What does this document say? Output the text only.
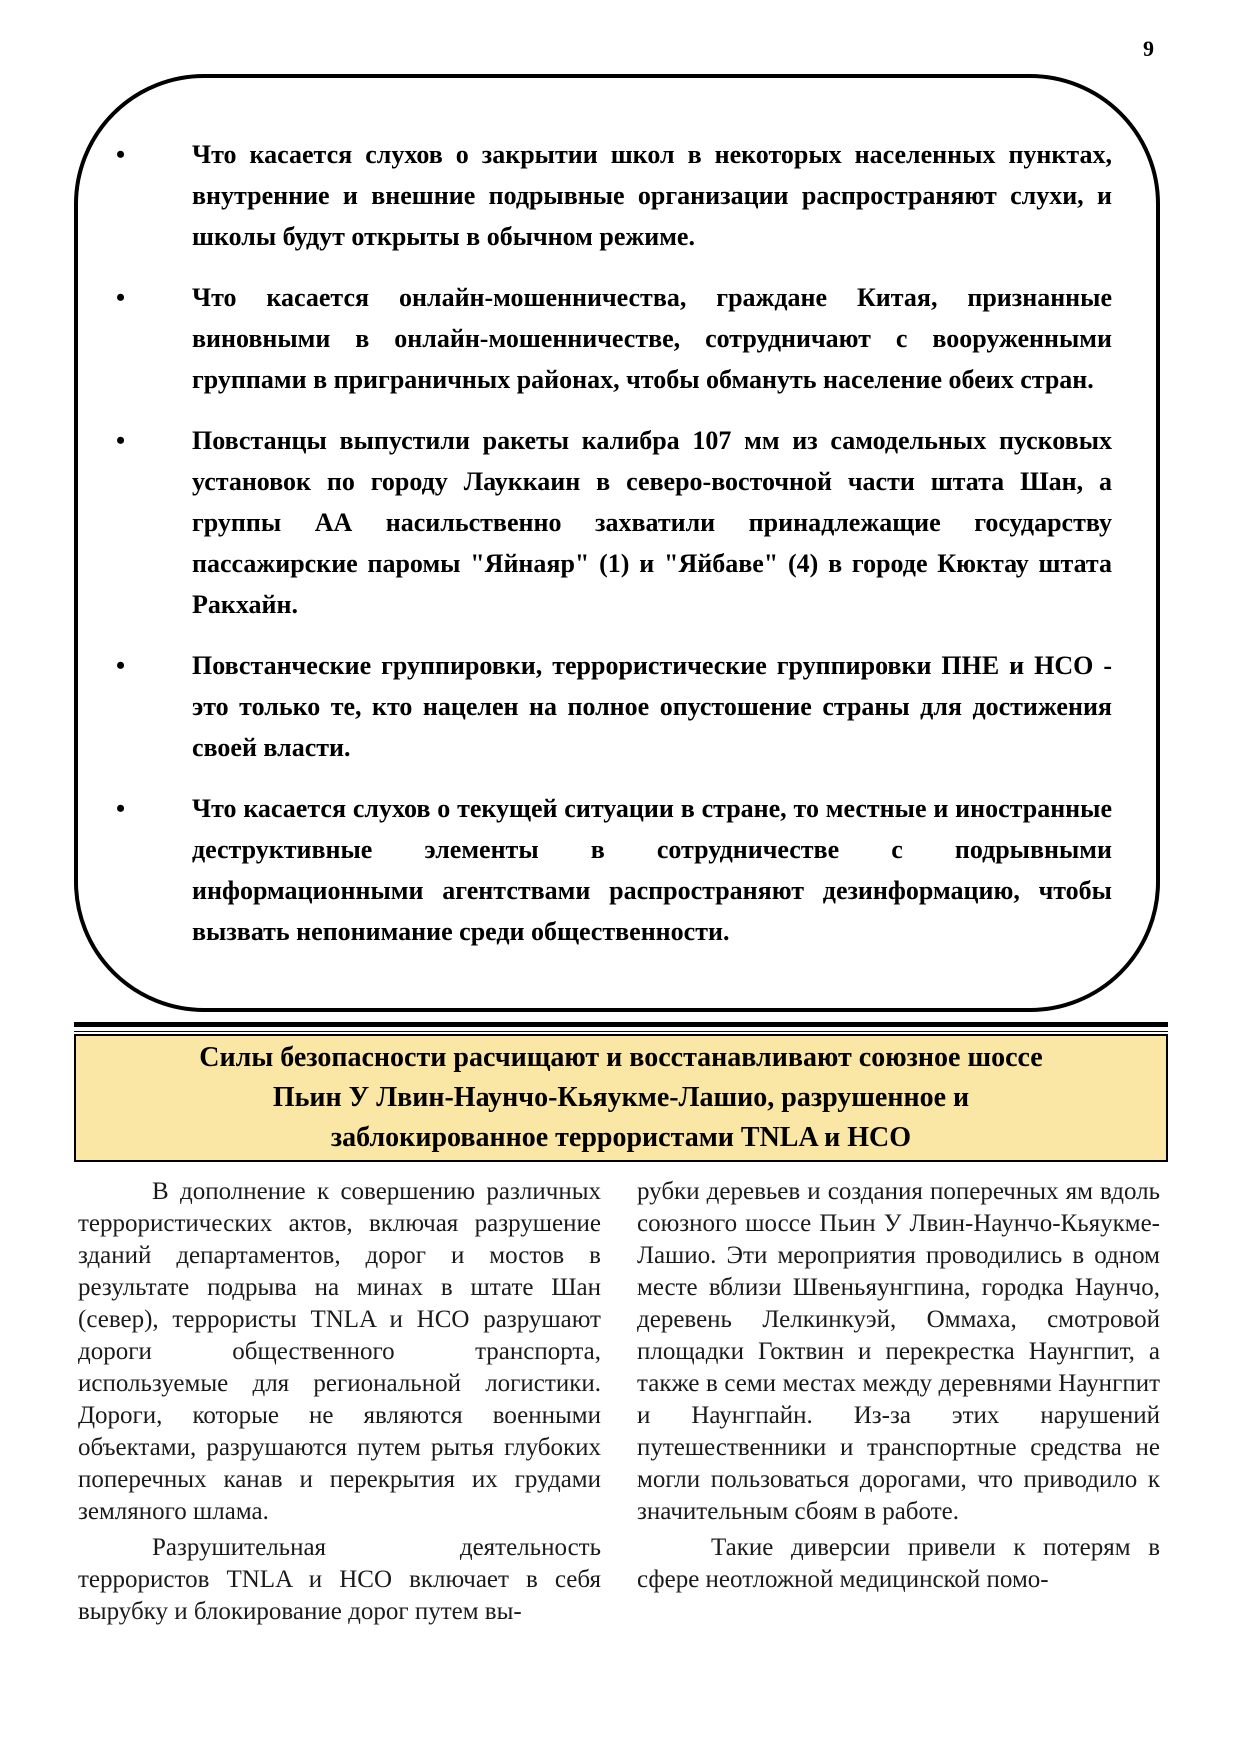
9
•	Что касается слухов о закрытии школ в некоторых населенных пунктах, внутренние и внешние подрывные организации распространяют слухи, и школы будут открыты в обычном режиме.
•	Что касается онлайн-мошенничества, граждане Китая, признанные виновными в онлайн-мошенничестве, сотрудничают с вооруженными группами в приграничных районах, чтобы обмануть население обеих стран.
•	Повстанцы выпустили ракеты калибра 107 мм из самодельных пусковых установок по городу Лауккаин в северо-восточной части штата Шан, а группы АА насильственно захватили принадлежащие государству пассажирские паромы "Яйнаяр" (1) и "Яйбаве" (4) в городе Кюктау штата Ракхайн.
•	Повстанческие группировки, террористические группировки ПНЕ и НСО - это только те, кто нацелен на полное опустошение страны для достижения своей власти.
•	Что касается слухов о текущей ситуации в стране, то местные и иностранные деструктивные элементы в сотрудничестве с подрывными информационными агентствами распространяют дезинформацию, чтобы вызвать непонимание среди общественности.
Силы безопасности расчищают и восстанавливают союзное шоссе
Пьин У Лвин-Наунчо-Кьяукме-Лашио, разрушенное и
заблокированное террористами TNLA и НСО

В дополнение к совершению различных террористических актов, включая разрушение зданий департаментов, дорог и мостов в результате подрыва на минах в штате Шан (север), террористы TNLA и НСО разрушают дороги общественного транспорта, используемые для региональной логистики. Дороги, которые не являются военными объектами, разрушаются путем рытья глубоких поперечных канав и перекрытия их грудами земляного шлама.

Разрушительная деятельность террористов TNLA и НСО включает в себя вырубку и блокирование дорог путем вы-

рубки деревьев и создания поперечных ям вдоль союзного шоссе Пьин У Лвин-Наунчо-Кьяукме-Лашио. Эти мероприятия проводились в одном месте вблизи Швеньяунгпина, городка Наунчо, деревень Лелкинкуэй, Оммаха, смотровой площадки Гоктвин и перекрестка Наунгпит, а также в семи местах между деревнями Наунгпит и Наунгпайн. Из-за этих нарушений путешественники и транспортные средства не могли пользоваться дорогами, что приводило к значительным сбоям в работе.

Такие диверсии привели к потерям в сфере неотложной медицинской помо-
